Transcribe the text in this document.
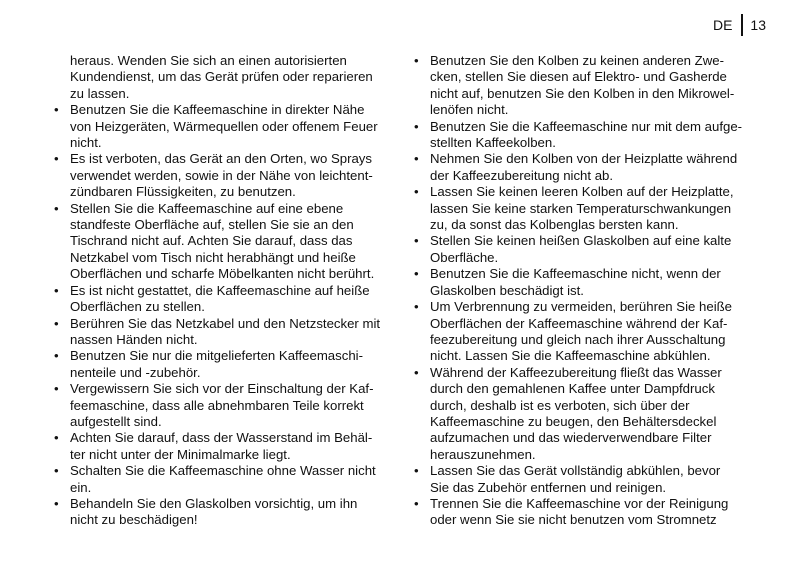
DE 13

heraus. Wenden Sie sich an einen autorisierten
Kundendienst, um das Gerät prüfen oder reparieren
zu lassen.

• Benutzen Sie die Kaffeemaschine in direkter Nähe
von Heizgeräten, Wärmequellen oder offenem Feuer
nicht.
• Es ist verboten, das Gerät an den Orten, wo Sprays
verwendet werden, sowie in der Nähe von leichtent-
zündbaren Flüssigkeiten, zu benutzen.
• Stellen Sie die Kaffeemaschine auf eine ebene
standfeste Oberfläche auf, stellen Sie sie an den
Tischrand nicht auf. Achten Sie darauf, dass das
Netzkabel vom Tisch nicht herabhängt und heiße
Oberflächen und scharfe Möbelkanten nicht berührt.
• Es ist nicht gestattet, die Kaffeemaschine auf heiße
Oberflächen zu stellen.
• Berühren Sie das Netzkabel und den Netzstecker mit
nassen Händen nicht.
• Benutzen Sie nur die mitgelieferten Kaffeemaschi-
nenteile und -zubehör.
• Vergewissern Sie sich vor der Einschaltung der Kaf-
feemaschine, dass alle abnehmbaren Teile korrekt
aufgestellt sind.
• Achten Sie darauf, dass der Wasserstand im Behäl-
ter nicht unter der Minimalmarke liegt.
• Schalten Sie die Kaffeemaschine ohne Wasser nicht
ein.
• Behandeln Sie den Glaskolben vorsichtig, um ihn
nicht zu beschädigen!
• Benutzen Sie den Kolben zu keinen anderen Zwe-
cken, stellen Sie diesen auf Elektro- und Gasherde
nicht auf, benutzen Sie den Kolben in den Mikrowel-
lenöfen nicht.
• Benutzen Sie die Kaffeemaschine nur mit dem aufge-
stellten Kaffeekolben.
• Nehmen Sie den Kolben von der Heizplatte während
der Kaffeezubereitung nicht ab.
• Lassen Sie keinen leeren Kolben auf der Heizplatte,
lassen Sie keine starken Temperaturschwankungen
zu, da sonst das Kolbenglas bersten kann.
• Stellen Sie keinen heißen Glaskolben auf eine kalte
Oberfläche.
• Benutzen Sie die Kaffeemaschine nicht, wenn der
Glaskolben beschädigt ist.
• Um Verbrennung zu vermeiden, berühren Sie heiße
Oberflächen der Kaffeemaschine während der Kaf-
feezubereitung und gleich nach ihrer Ausschaltung
nicht. Lassen Sie die Kaffeemaschine abkühlen.
• Während der Kaffeezubereitung fließt das Wasser
durch den gemahlenen Kaffee unter Dampfdruck
durch, deshalb ist es verboten, sich über der
Kaffeemaschine zu beugen, den Behältersdeckel
aufzumachen und das wiederverwendbare Filter
herauszunehmen.
• Lassen Sie das Gerät vollständig abkühlen, bevor
Sie das Zubehör entfernen und reinigen.
• Trennen Sie die Kaffeemaschine vor der Reinigung
oder wenn Sie sie nicht benutzen vom Stromnetz
